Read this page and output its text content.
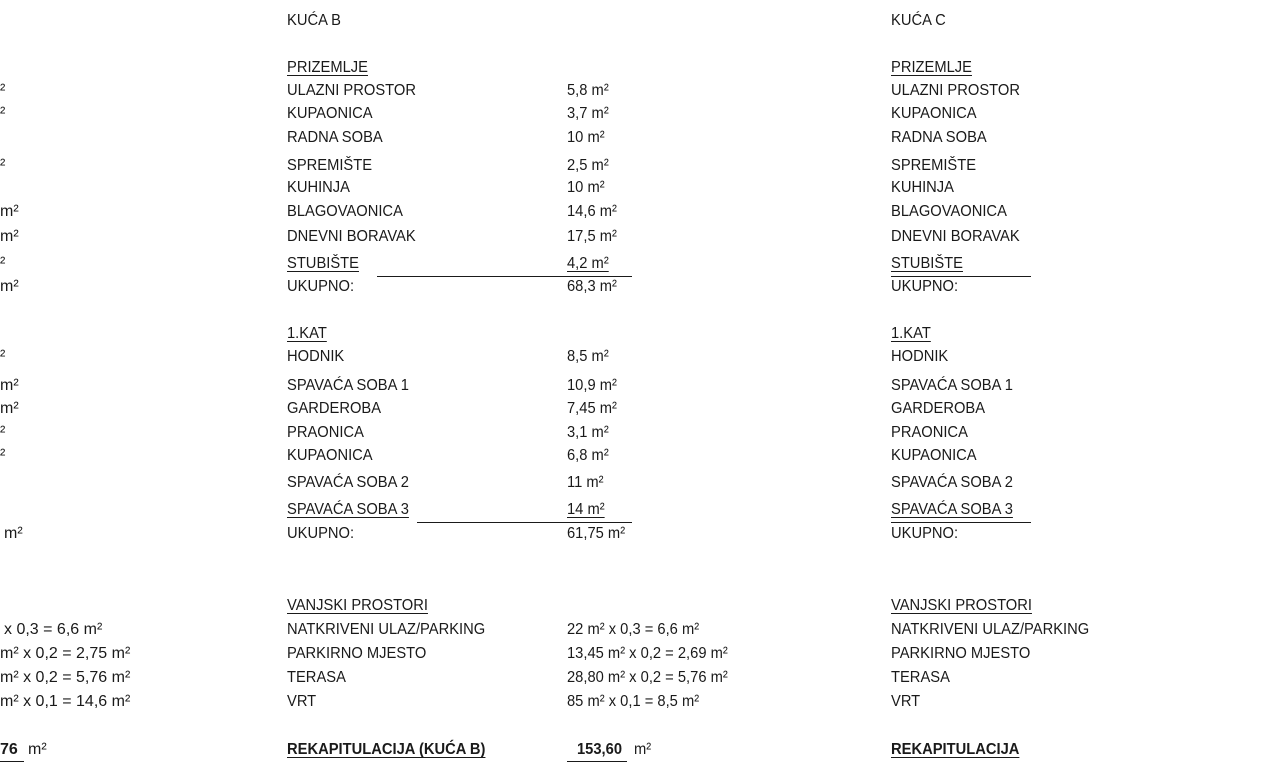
²
²
²
m²
m²
²
m²
²
m²
m²
²
²
m²
x 0,3 = 6,6 m²
m² x 0,2 = 2,75 m²
m² x 0,2 = 5,76 m²
m² x 0,1 = 14,6 m²
76 m²
KUĆA B
PRIZEMLJE
ULAZNI PROSTOR	5,8 m²
KUPAONICA	3,7 m²
RADNA SOBA	10 m²
SPREMIŠTE	2,5 m²
KUHINJA	10 m²
BLAGOVAONICA	14,6 m²
DNEVNI BORAVAK	17,5 m²
STUBIŠTE	4,2 m²
UKUPNO:	68,3 m²
1.KAT
HODNIK	8,5 m²
SPAVAĆA SOBA 1	10,9 m²
GARDEROBA	7,45 m²
PRAONICA	3,1 m²
KUPAONICA	6,8 m²
SPAVAĆA SOBA 2	11 m²
SPAVAĆA SOBA 3	14 m²
UKUPNO:	61,75 m²
VANJSKI PROSTORI
NATKRIVENI ULAZ/PARKING	22 m² x 0,3 = 6,6 m²
PARKIRNO MJESTO	13,45 m² x 0,2 = 2,69 m²
TERASA	28,80 m² x 0,2 = 5,76 m²
VRT	85 m² x 0,1 = 8,5 m²
REKAPITULACIJA (KUĆA B)	153,60 m²
KUĆA C
PRIZEMLJE
ULAZNI PROSTOR
KUPAONICA
RADNA SOBA
SPREMIŠTE
KUHINJA
BLAGOVAONICA
DNEVNI BORAVAK
STUBIŠTE
UKUPNO:
1.KAT
HODNIK
SPAVAĆA SOBA 1
GARDEROBA
PRAONICA
KUPAONICA
SPAVAĆA SOBA 2
SPAVAĆA SOBA 3
UKUPNO:
VANJSKI PROSTORI
NATKRIVENI ULAZ/PARKING
PARKIRNO MJESTO
TERASA
VRT
REKAPITULACIJA
